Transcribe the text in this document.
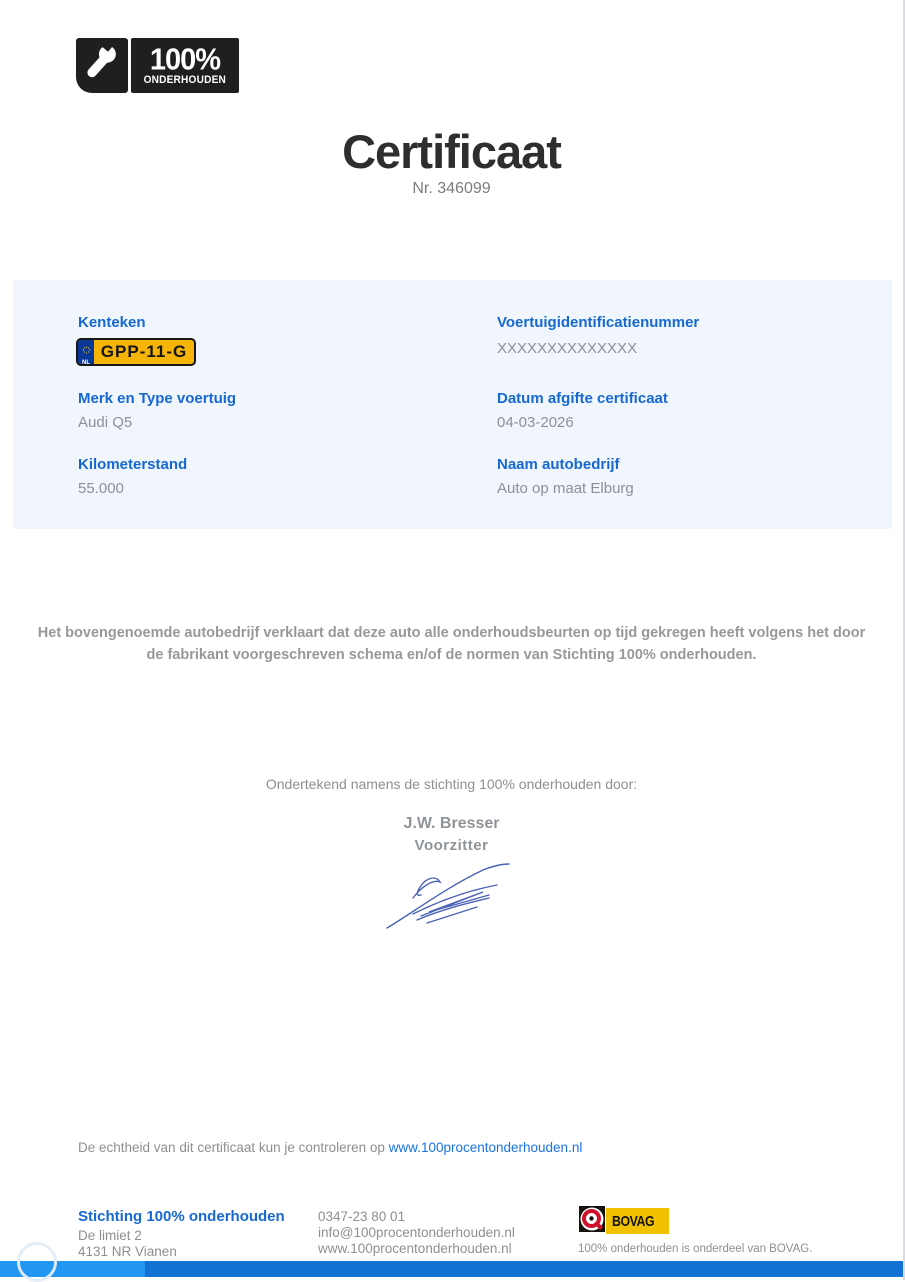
100%
ONDERHOUDEN
Certificaat
Nr. 346099
Kenteken
NL
GPP-11-G
Voertuigidentificatienummer
XXXXXXXXXXXXXX
Merk en Type voertuig
Audi Q5
Datum afgifte certificaat
04-03-2026
Kilometerstand
55.000
Naam autobedrijf
Auto op maat Elburg
Het bovengenoemde autobedrijf verklaart dat deze auto alle onderhoudsbeurten op tijd gekregen heeft volgens het door de fabrikant voorgeschreven schema en/of de normen van Stichting 100% onderhouden.
Ondertekend namens de stichting 100% onderhouden door:
J.W. Bresser
Voorzitter
De echtheid van dit certificaat kun je controleren op www.100procentonderhouden.nl
Stichting 100% onderhouden
De limiet 2
4131 NR Vianen
0347-23 80 01
info@100procentonderhouden.nl
www.100procentonderhouden.nl
BOVAG
100% onderhouden is onderdeel van BOVAG.
